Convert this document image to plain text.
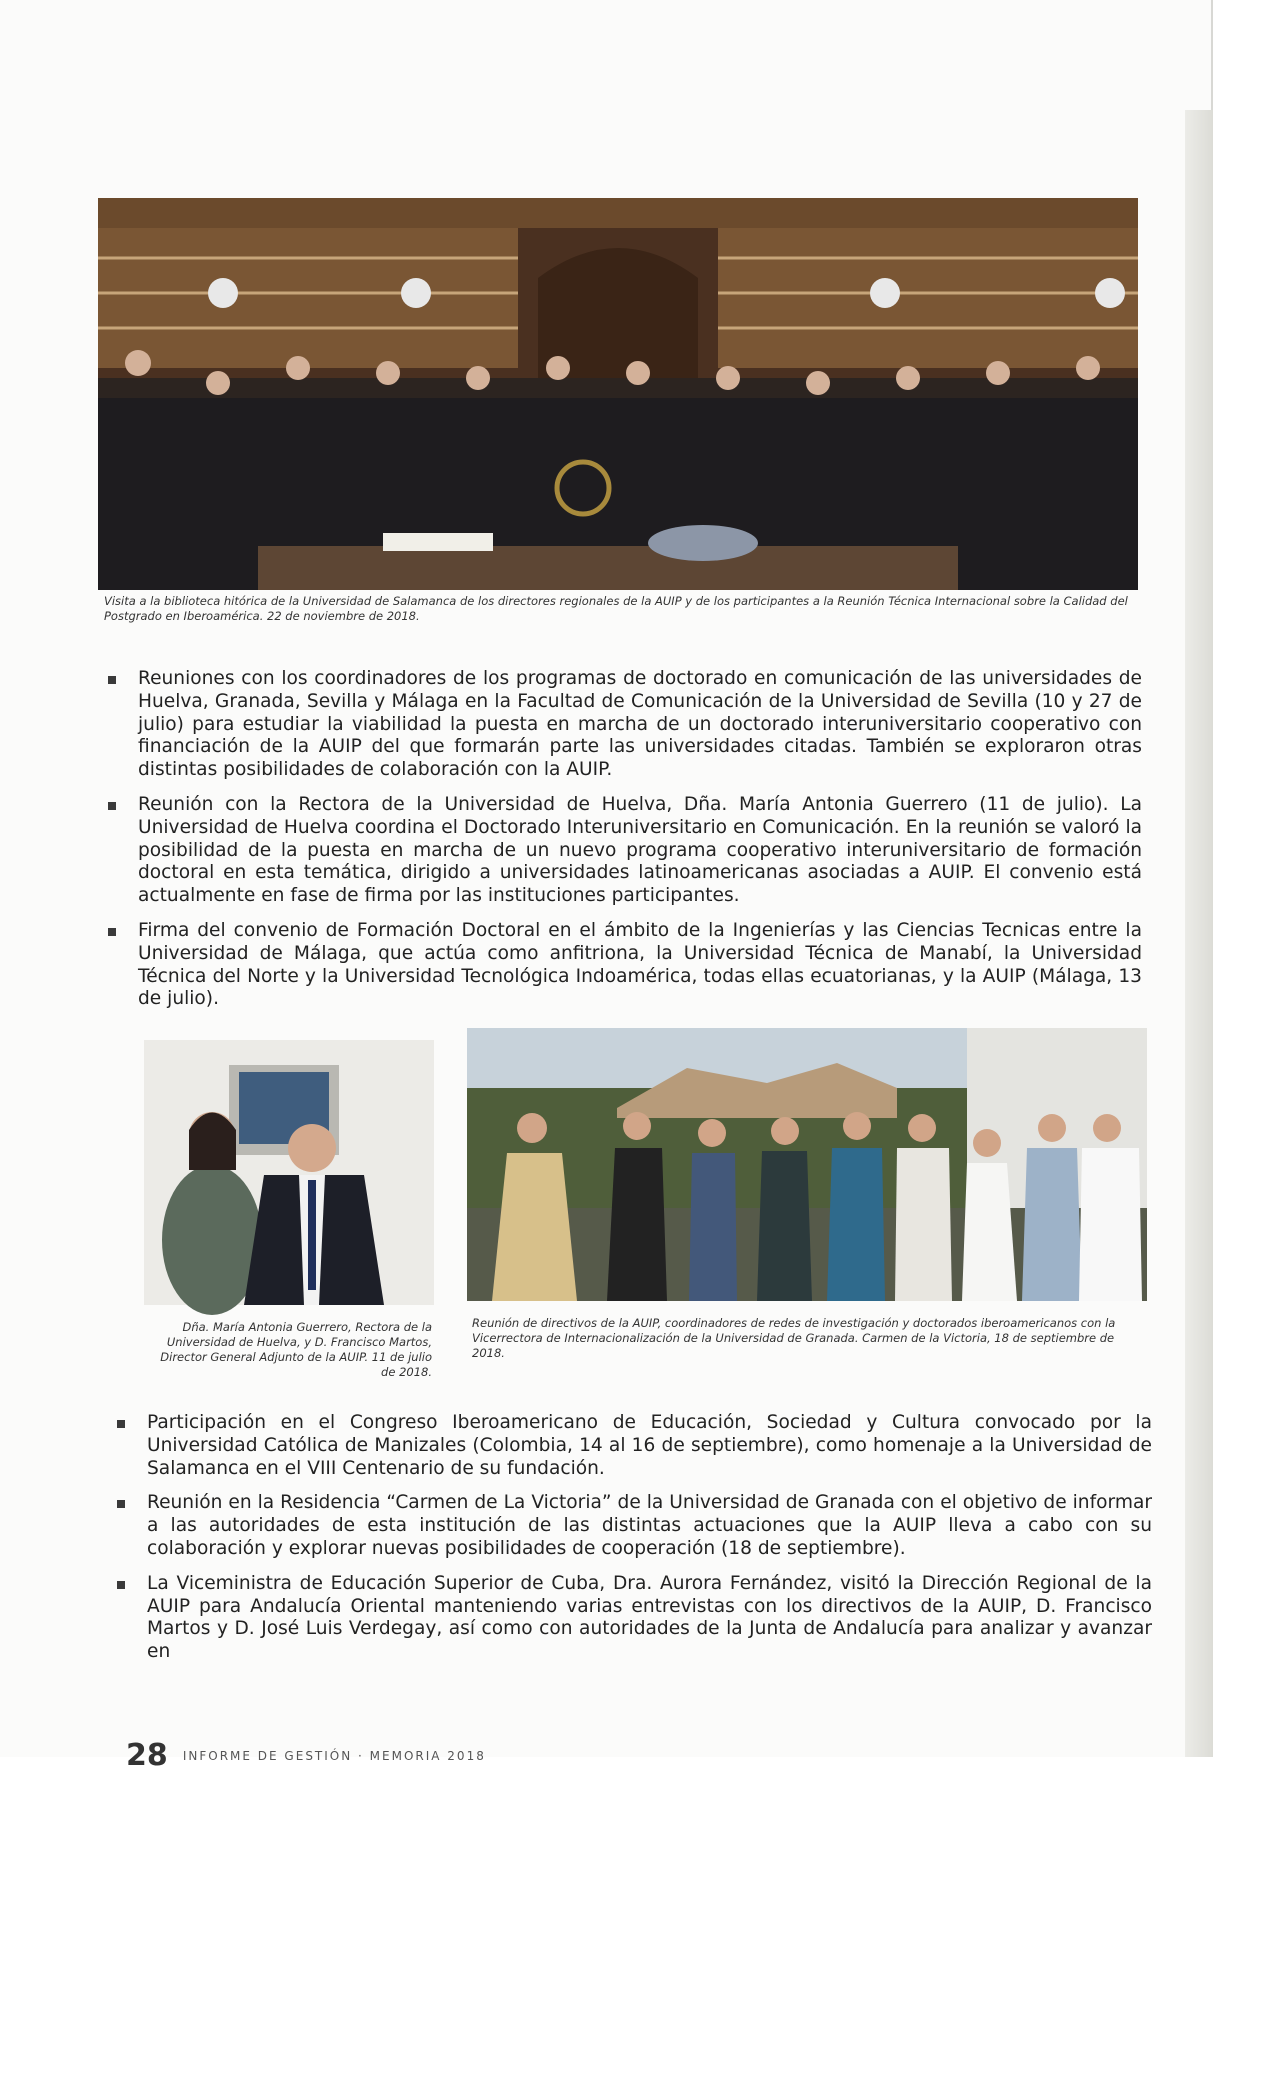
Visita a la biblioteca hitórica de la Universidad de Salamanca de los directores regionales de la AUIP y de los participantes a la Reunión Técnica Internacional sobre la Calidad del Postgrado en Iberoamérica. 22 de noviembre de 2018.

Reuniones con los coordinadores de los programas de doctorado en comunicación de las universidades de Huelva, Granada, Sevilla y Málaga en la Facultad de Comunicación de la Universidad de Sevilla (10 y 27 de julio) para estudiar la viabilidad la puesta en marcha de un doctorado interuniversitario cooperativo con financiación de la AUIP del que formarán parte las universidades citadas. También se exploraron otras distintas posibilidades de colaboración con la AUIP.
Reunión con la Rectora de la Universidad de Huelva, Dña. María Antonia Guerrero (11 de julio). La Universidad de Huelva coordina el Doctorado Interuniversitario en Comunicación. En la reunión se valoró la posibilidad de la puesta en marcha de un nuevo programa cooperativo interuniversitario de formación doctoral en esta temática, dirigido a universidades latinoamericanas asociadas a AUIP. El convenio está actualmente en fase de firma por las instituciones participantes.
Firma del convenio de Formación Doctoral en el ámbito de la Ingenierías y las Ciencias Tecnicas entre la Universidad de Málaga, que actúa como anfitriona, la Universidad Técnica de Manabí, la Universidad Técnica del Norte y la Universidad Tecnológica Indoamérica, todas ellas ecuatorianas, y la AUIP (Málaga, 13 de julio).

Dña. María Antonia Guerrero, Rectora de la Universidad de Huelva, y D. Francisco Martos, Director General Adjunto de la AUIP. 11 de julio de 2018.

Reunión de directivos de la AUIP, coordinadores de redes de investigación y doctorados iberoamericanos con la Vicerrectora de Internacionalización de la Universidad de Granada. Carmen de la Victoria, 18 de septiembre de 2018.

Participación en el Congreso Iberoamericano de Educación, Sociedad y Cultura convocado por la Universidad Católica de Manizales (Colombia, 14 al 16 de septiembre), como homenaje a la Universidad de Salamanca en el VIII Centenario de su fundación.
Reunión en la Residencia “Carmen de La Victoria” de la Universidad de Granada con el objetivo de informar a las autoridades de esta institución de las distintas actuaciones que la AUIP lleva a cabo con su colaboración y explorar nuevas posibilidades de cooperación (18 de septiembre).
La Viceministra de Educación Superior de Cuba, Dra. Aurora Fernández, visitó la Dirección Regional de la AUIP para Andalucía Oriental manteniendo varias entrevistas con los directivos de la AUIP, D. Francisco Martos y D. José Luis Verdegay, así como con autoridades de la Junta de Andalucía para analizar y avanzar en
28 $^{INFORME DE GESTIÓN \cdot MEMORIA 2018}$
